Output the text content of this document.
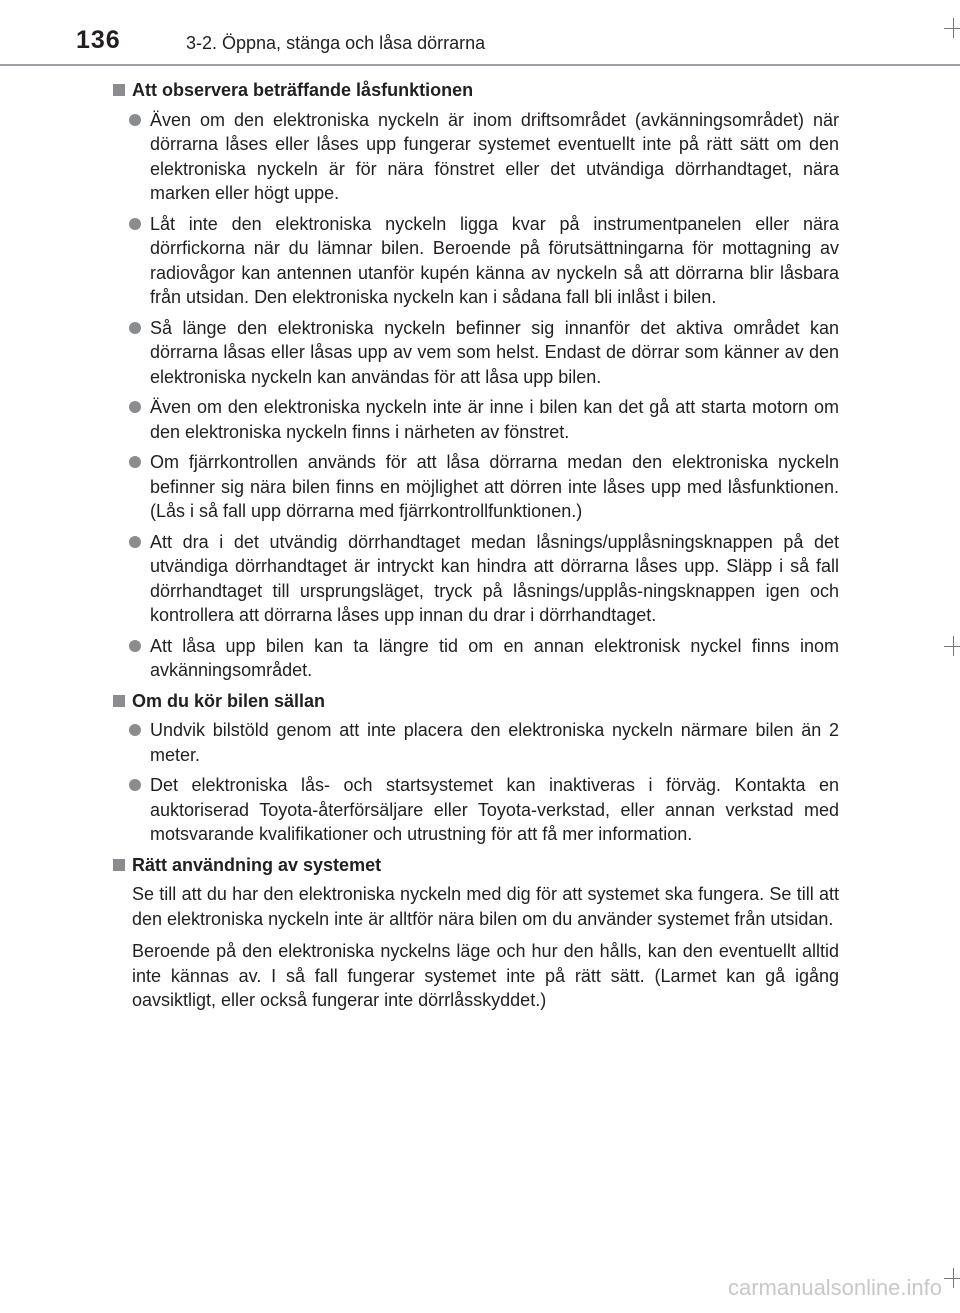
136	3-2. Öppna, stänga och låsa dörrarna
Att observera beträffande låsfunktionen
Även om den elektroniska nyckeln är inom driftsområdet (avkänningsområdet) när dörrarna låses eller låses upp fungerar systemet eventuellt inte på rätt sätt om den elektroniska nyckeln är för nära fönstret eller det utvändiga dörrhandtaget, nära marken eller högt uppe.
Låt inte den elektroniska nyckeln ligga kvar på instrumentpanelen eller nära dörrfickorna när du lämnar bilen. Beroende på förutsättningarna för mottagning av radiovågor kan antennen utanför kupén känna av nyckeln så att dörrarna blir låsbara från utsidan. Den elektroniska nyckeln kan i sådana fall bli inlåst i bilen.
Så länge den elektroniska nyckeln befinner sig innanför det aktiva området kan dörrarna låsas eller låsas upp av vem som helst. Endast de dörrar som känner av den elektroniska nyckeln kan användas för att låsa upp bilen.
Även om den elektroniska nyckeln inte är inne i bilen kan det gå att starta motorn om den elektroniska nyckeln finns i närheten av fönstret.
Om fjärrkontrollen används för att låsa dörrarna medan den elektroniska nyckeln befinner sig nära bilen finns en möjlighet att dörren inte låses upp med låsfunktionen. (Lås i så fall upp dörrarna med fjärrkontrollfunktionen.)
Att dra i det utvändig dörrhandtaget medan låsnings/upplåsningsknappen på det utvändiga dörrhandtaget är intryckt kan hindra att dörrarna låses upp. Släpp i så fall dörrhandtaget till ursprungsläget, tryck på låsnings/upplås-ningsknappen igen och kontrollera att dörrarna låses upp innan du drar i dörrhandtaget.
Att låsa upp bilen kan ta längre tid om en annan elektronisk nyckel finns inom avkänningsområdet.
Om du kör bilen sällan
Undvik bilstöld genom att inte placera den elektroniska nyckeln närmare bilen än 2 meter.
Det elektroniska lås- och startsystemet kan inaktiveras i förväg. Kontakta en auktoriserad Toyota-återförsäljare eller Toyota-verkstad, eller annan verkstad med motsvarande kvalifikationer och utrustning för att få mer information.
Rätt användning av systemet
Se till att du har den elektroniska nyckeln med dig för att systemet ska fungera. Se till att den elektroniska nyckeln inte är alltför nära bilen om du använder systemet från utsidan.
Beroende på den elektroniska nyckelns läge och hur den hålls, kan den eventuellt alltid inte kännas av. I så fall fungerar systemet inte på rätt sätt. (Larmet kan gå igång oavsiktligt, eller också fungerar inte dörrlåsskyddet.)
carmanualsonline.info
